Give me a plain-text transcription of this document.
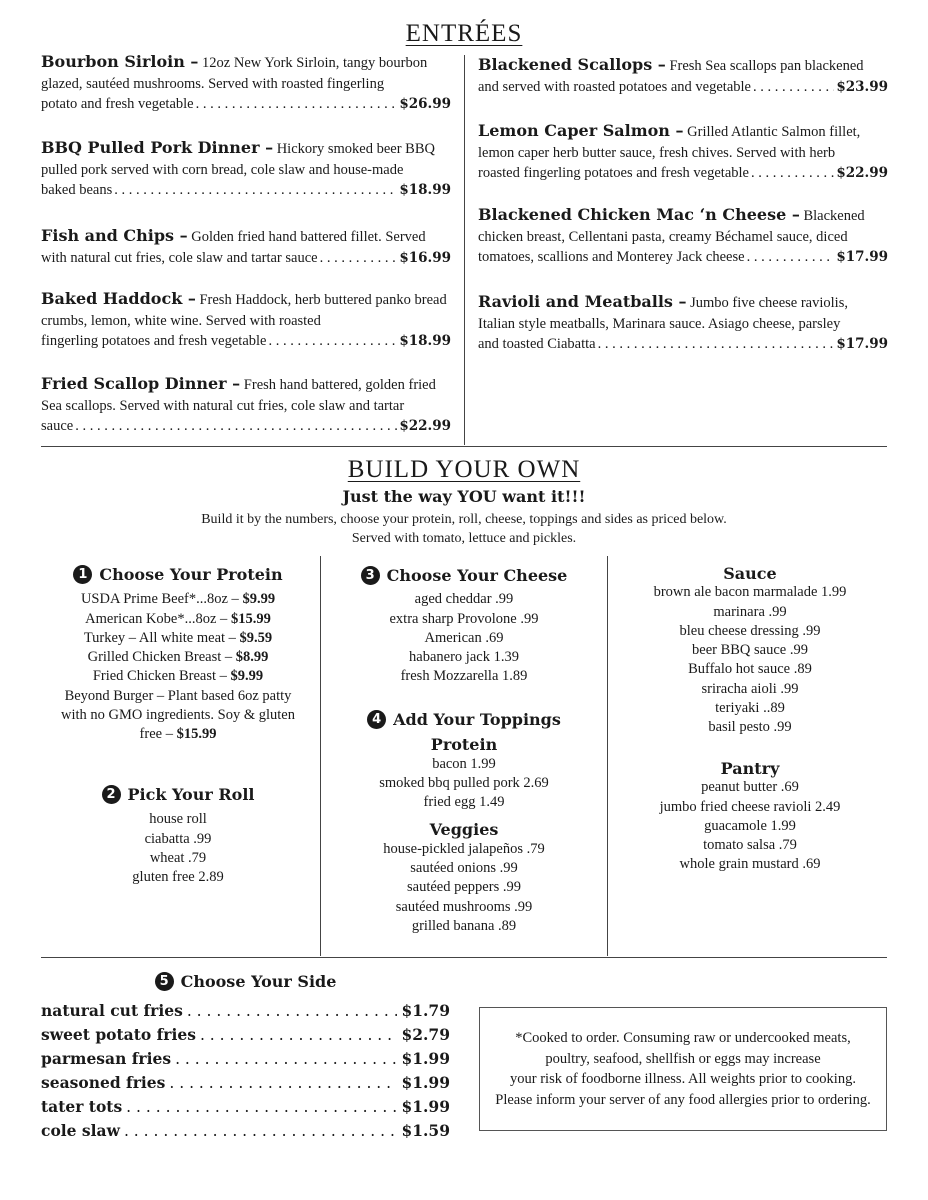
ENTRÉES
Bourbon Sirloin – 12oz New York Sirloin, tangy bourbon glazed, sautéed mushrooms. Served with roasted fingerling
potato and fresh vegetable . . .	$26.99
BBQ Pulled Pork Dinner – Hickory smoked beer BBQ pulled pork served with corn bread, cole slaw and house-made
baked beans . . .	$18.99
Fish and Chips – Golden fried hand battered fillet. Served
with natural cut fries, cole slaw and tartar sauce . . .	$16.99
Baked Haddock – Fresh Haddock, herb buttered panko bread crumbs, lemon, white wine. Served with roasted
fingerling potatoes and fresh vegetable . . .	$18.99
Fried Scallop Dinner – Fresh hand battered, golden fried Sea scallops. Served with natural cut fries, cole slaw and tartar
sauce . . .	$22.99
Blackened Scallops – Fresh Sea scallops pan blackened
and served with roasted potatoes and vegetable . . .	$23.99
Lemon Caper Salmon – Grilled Atlantic Salmon fillet, lemon caper herb butter sauce, fresh chives. Served with herb
roasted fingerling potatoes and fresh vegetable . . .	$22.99
Blackened Chicken Mac ‘n Cheese – Blackened chicken breast, Cellentani pasta, creamy Béchamel sauce, diced
tomatoes, scallions and Monterey Jack cheese . . .	$17.99
Ravioli and Meatballs – Jumbo five cheese raviolis, Italian style meatballs, Marinara sauce. Asiago cheese, parsley
and toasted Ciabatta . . .	$17.99
BUILD YOUR OWN
Just the way YOU want it!!!
Build it by the numbers, choose your protein, roll, cheese, toppings and sides as priced below.
Served with tomato, lettuce and pickles.
1 Choose Your Protein
USDA Prime Beef*...8oz – $9.99
American Kobe*...8oz – $15.99
Turkey – All white meat – $9.59
Grilled Chicken Breast – $8.99
Fried Chicken Breast – $9.99
Beyond Burger – Plant based 6oz patty
with no GMO ingredients. Soy & gluten
free – $15.99
2 Pick Your Roll
house roll
ciabatta .99
wheat .79
gluten free 2.89
3 Choose Your Cheese
aged cheddar .99
extra sharp Provolone .99
American .69
habanero jack 1.39
fresh Mozzarella 1.89
4 Add Your Toppings
Protein
bacon 1.99
smoked bbq pulled pork 2.69
fried egg 1.49
Veggies
house-pickled jalapeños .79
sautéed onions .99
sautéed peppers .99
sautéed mushrooms .99
grilled banana .89
Sauce
brown ale bacon marmalade 1.99
marinara .99
bleu cheese dressing .99
beer BBQ sauce .99
Buffalo hot sauce .89
sriracha aioli .99
teriyaki ..89
basil pesto .99
Pantry
peanut butter .69
jumbo fried cheese ravioli 2.49
guacamole 1.99
tomato salsa .79
whole grain mustard .69
5 Choose Your Side
natural cut fries . . .	$1.79
sweet potato fries . . .	$2.79
parmesan fries . . .	$1.99
seasoned fries . . .	$1.99
tater tots . . .	$1.99
cole slaw . . .	$1.59
*Cooked to order. Consuming raw or undercooked meats,
poultry, seafood, shellfish or eggs may increase
your risk of foodborne illness. All weights prior to cooking.
Please inform your server of any food allergies prior to ordering.
